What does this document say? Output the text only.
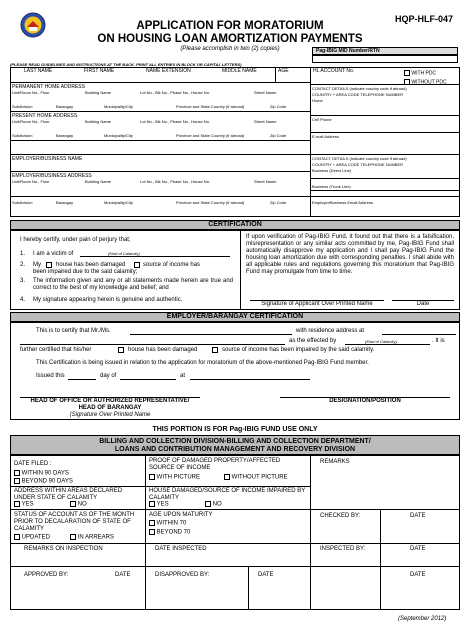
HQP-HLF-047
APPLICATION FOR MORATORIUM
ON HOUSING LOAN AMORTIZATION PAYMENTS
(Please accomplish in two (2) copies)	Pag-IBIG MID Number/RTN
(PLEASE READ GUIDELINES AND INSTRUCTIONS AT THE BACK. PRINT ALL ENTRIES IN BLOCK OR CAPITAL LETTERS)
LAST NAME	FIRST NAME	NAME EXTENSION	MIDDLE NAME	AGE	HL ACCOUNT No.	WITH PDC
WITHOUT PDC
PERMANENT HOME ADDRESS
Unit/Room No., Floor	Building Name	Lot No., Blk No., Phase No., House No.	Street Name
Subdivision	Barangay	Municipality/City	Province and State Country (if abroad)	Zip Code
CONTACT DETAILS (indicate country code if abroad)
COUNTRY + AREA CODE TELEPHONE NUMBER
Home
PRESENT HOME ADDRESS
Unit/Room No., Floor	Building Name	Lot No., Blk No., Phase No., House No.	Street Name
Subdivision	Barangay	Municipality/City	Province and State Country (if abroad)	Zip Code
Cell Phone
E-mail Address
EMPLOYER/BUSINESS NAME
EMPLOYER/BUSINESS ADDRESS
Unit/Room No., Floor	Building Name	Lot No., Blk No., Phase No., House No.	Street Name
CONTACT DETAILS (indicate country code if abroad)
COUNTRY + AREA CODE TELEPHONE NUMBER
Business (Direct Line)
Business (Trunk Line)
Subdivision	Barangay	Municipality/City	Province and State Country (if abroad)	Zip Code	Employer/Business Email Address
CERTIFICATION
I hereby certify, under pain of perjury that;
1. I am a victim of	(Kind of Calamity)
2. My	house has been damaged	source of income has
been impaired due to the said calamity;
3. The information given and any or all statements made herein are true and correct to the best of my knowledge and belief; and
4. My signature appearing herein is genuine and authentic.
If upon verification of Pag-IBIG Fund, it found out that there is a falsification, misrepresentation or any similar acts committed by me, Pag-IBIG Fund shall automatically disapprove my application and I shall pay Pag-IBIG Fund the housing loan amortization due with corresponding penalties. I shall abide with all applicable rules and regulations governing this moratorium that Pag-IBIG Fund may promulgate from time to time.
Signature of Applicant Over Printed Name	Date
EMPLOYER/BARANGAY CERTIFICATION
This is to certify that Mr./Ms.	with residence address at
as the effected by	(Kind of Calamity)	. It is
further certified that his/her	house has been damaged	source of income has been impaired by the said calamity.
This Certification is being issued in relation to the application for moratorium of the above-mentioned Pag-IBIG Fund member.
Issued this	day of	at
HEAD OF OFFICE OR AUTHORIZED REPRESENTATIVE/
HEAD OF BARANGAY
(Signature Over Printed Name
DESIGNATION/POSITION
THIS PORTION IS FOR Pag-IBIG FUND USE ONLY
BILLING AND COLLECTION DIVISION-BILLING AND COLLECTION DEPARTMENT/
LOANS AND CONTRIBUTION MANAGEMENT AND RECOVERY DIVISION
DATE FILED :
WITHIN 90 DAYS
BEYOND 90 DAYS
PROOF OF DAMAGED PROPERTY/AFFECTED SOURCE OF INCOME
WITH PICTURE	WITHOUT PICTURE
REMARKS
ADDRESS WITHIN AREAS DECLARED UNDER STATE OF CALAMITY
YES	NO
HOUSE DAMAGED/SOURCE OF INCOME IMPAIRED BY CALAMITY
YES	NO
STATUS OF ACCOUNT AS OF THE MONTH PRIOR TO DECALARATION OF STATE OF CALAMITY
UPDATED	IN ARREARS
AGE UPON MATURITY
WITHIN 70
BEYOND 70
CHECKED BY:	DATE
REMARKS ON INSPECTION	DATE INSPECTED	INSPECTED BY:	DATE
APPROVED BY:	DATE	DISAPPROVED BY:	DATE	DATE
(September 2012)
